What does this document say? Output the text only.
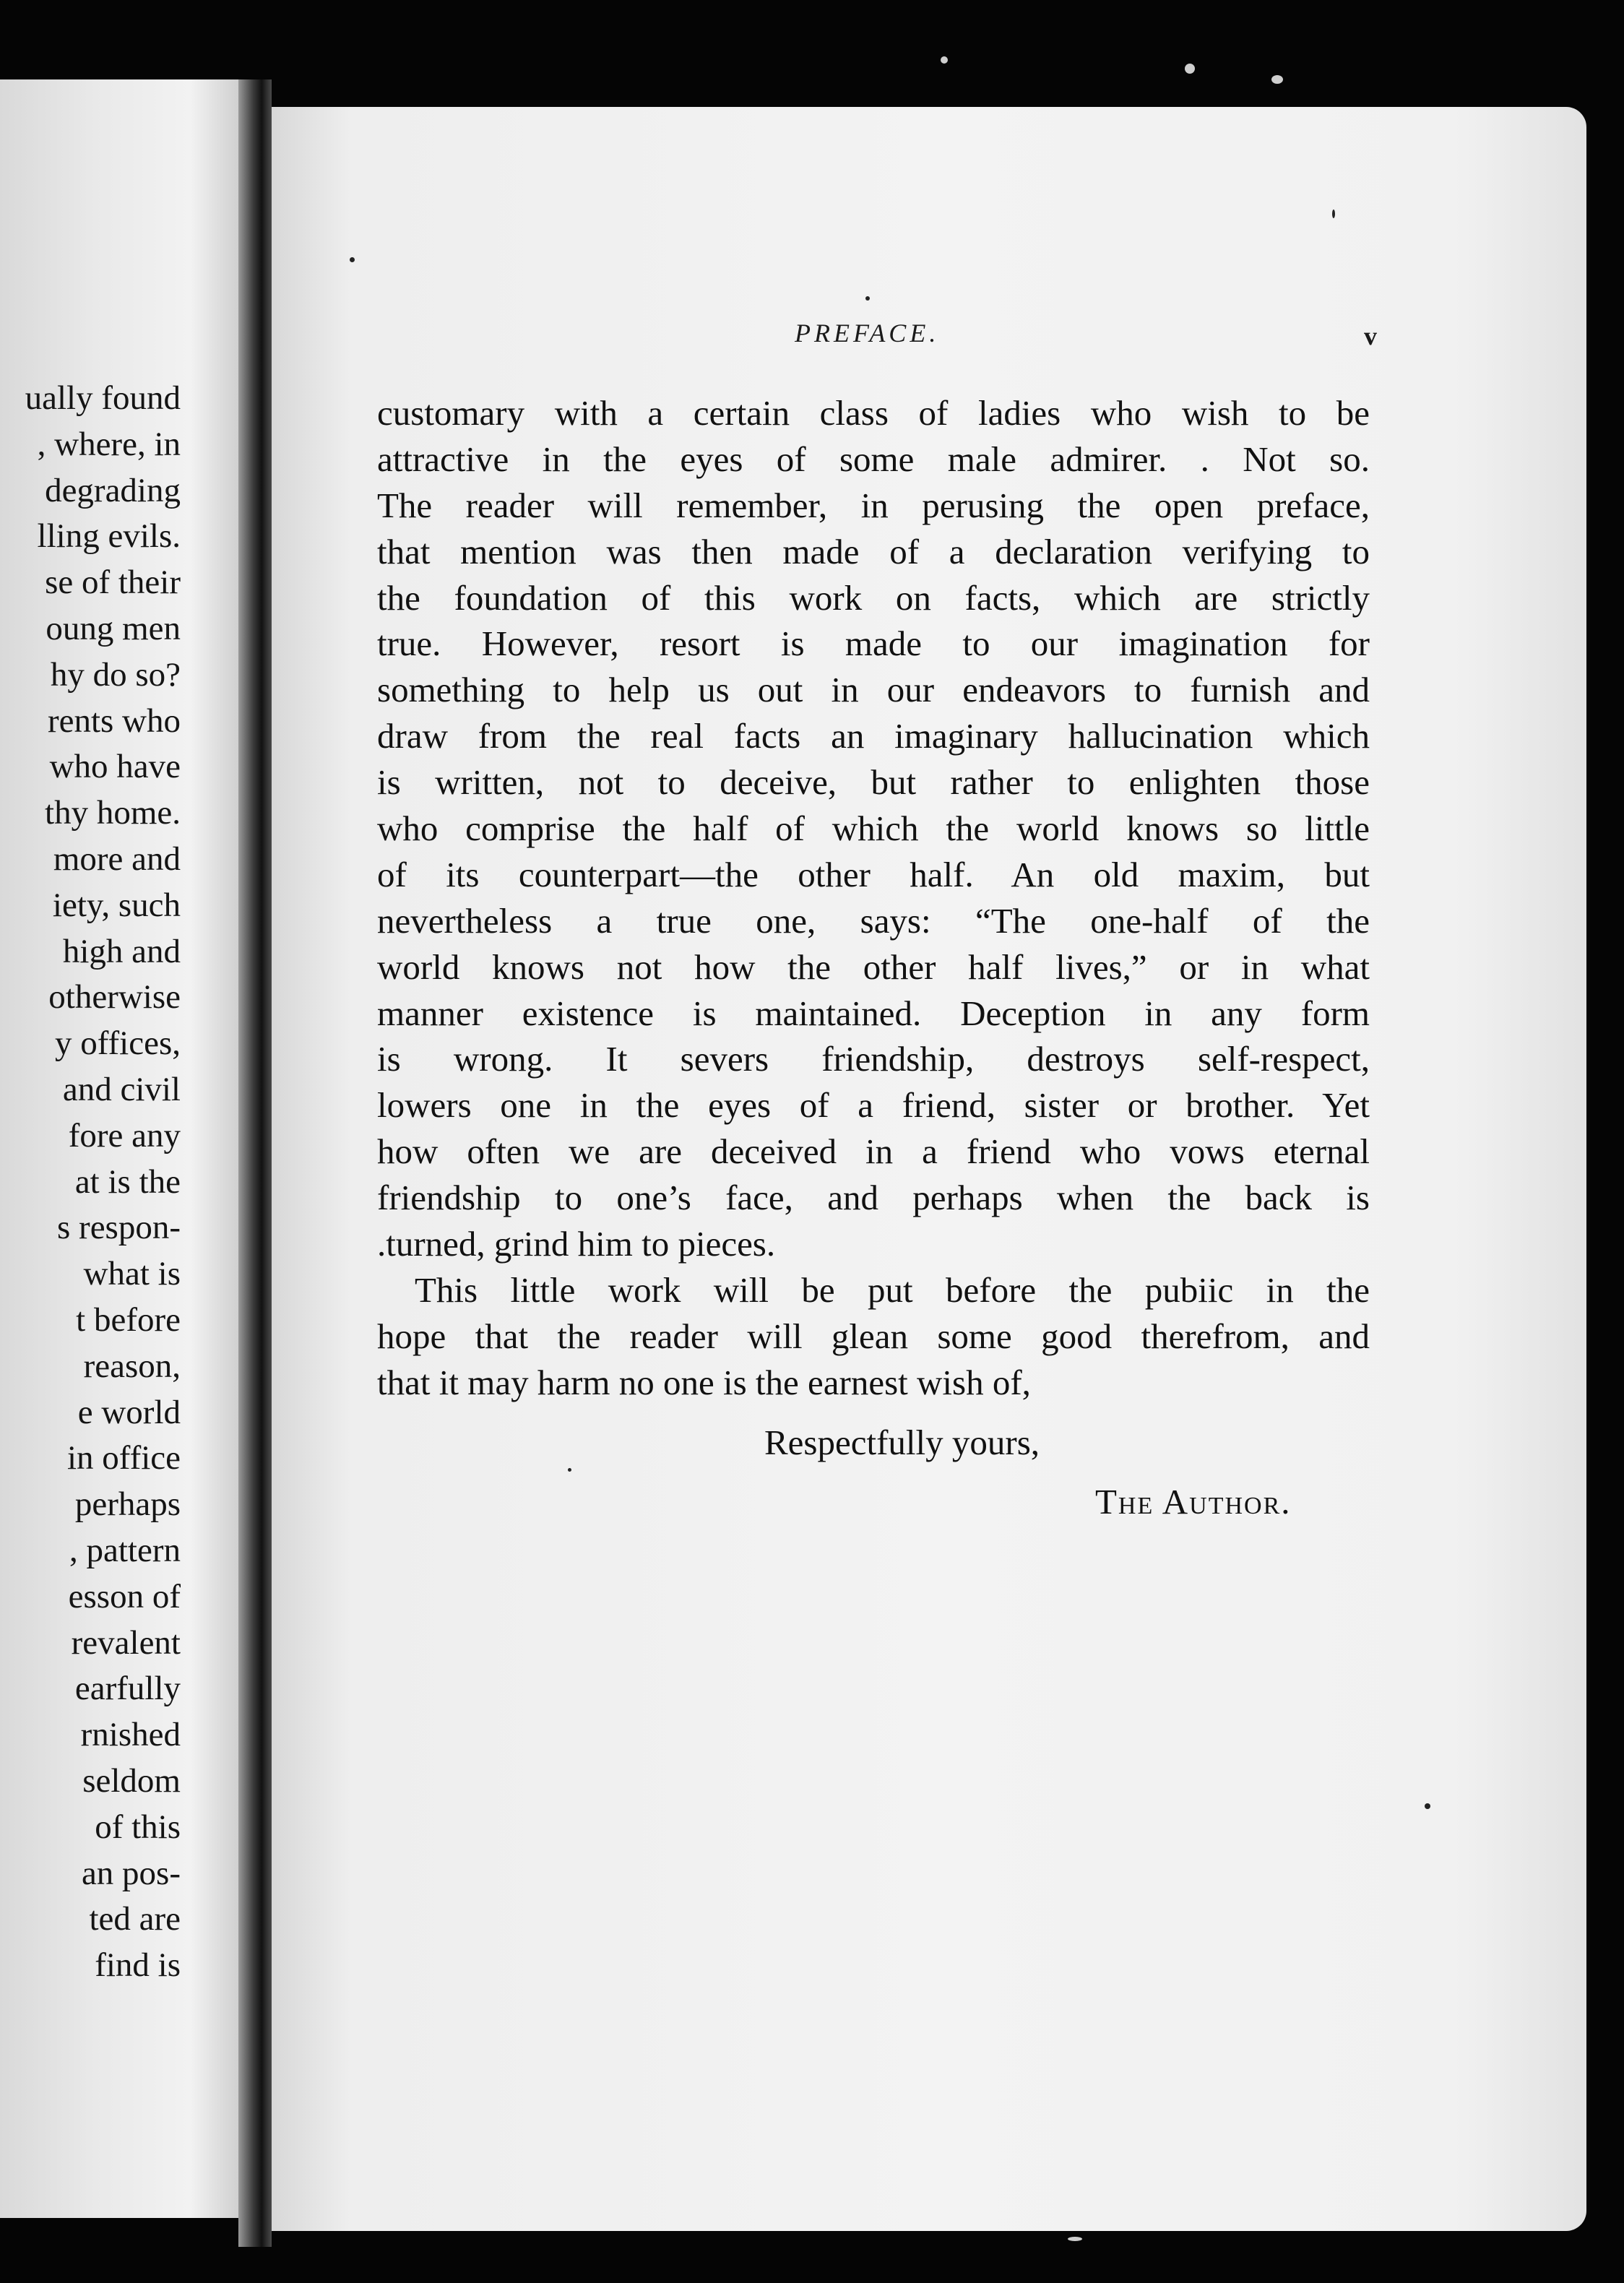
ually found
, where, in
degrading
lling evils.
se of their
oung men
hy do so?
rents who
who have
thy home.
more and
iety, such
high and
otherwise
y offices,
and civil
fore any
at is the
s respon-
what is
t before
reason,
e world
in office
perhaps
, pattern
esson of
revalent
earfully
rnished
seldom
of this
an pos-
ted are
find is
PREFACE.	v
customary with a certain class of ladies who wish to be
attractive in the eyes of some male admirer. . Not so.
The reader will remember, in perusing the open preface,
that mention was then made of a declaration verifying to
the foundation of this work on facts, which are strictly
true. However, resort is made to our imagination for
something to help us out in our endeavors to furnish and
draw from the real facts an imaginary hallucination which
is written, not to deceive, but rather to enlighten those
who comprise the half of which the world knows so little
of its counterpart—the other half. An old maxim, but
nevertheless a true one, says: “The one-half of the
world knows not how the other half lives,” or in what
manner existence is maintained. Deception in any form
is wrong. It severs friendship, destroys self-respect,
lowers one in the eyes of a friend, sister or brother. Yet
how often we are deceived in a friend who vows eternal
friendship to one’s face, and perhaps when the back is
.turned, grind him to pieces.
This little work will be put before the pubiic in the
hope that the reader will glean some good therefrom, and
that it may harm no one is the earnest wish of,
Respectfully yours,
The Author.
